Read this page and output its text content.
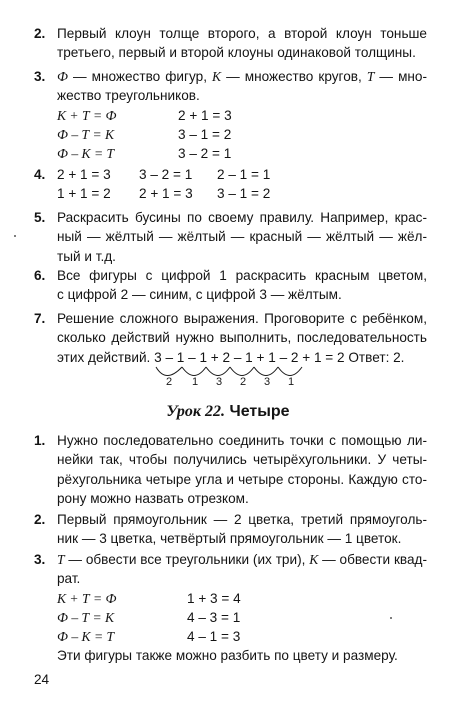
2. Первый клоун толще второго, а второй клоун тоньше
третьего, первый и второй клоуны одинаковой толщины.
3. Ф — множество фигур, К — множество кругов, Т — мно-
жество треугольников.
К + Т = Ф	2 + 1 = 3
Ф – Т = К	3 – 1 = 2
Ф – К = Т	3 – 2 = 1
4. 2 + 1 = 3 3 – 2 = 1 2 – 1 = 1
1 + 1 = 2 2 + 1 = 3 3 – 1 = 2
5. Раскрасить бусины по своему правилу. Например, крас-
ный — жёлтый — жёлтый — красный — жёлтый — жёл-
тый и т.д.
6. Все фигуры с цифрой 1 раскрасить красным цветом,
с цифрой 2 — синим, с цифрой 3 — жёлтым.
7. Решение сложного выражения. Проговорите с ребёнком,
сколько действий нужно выполнить, последовательность
этих действий. 3 – 1 – 1 + 2 – 1 + 1 – 2 + 1 = 2 Ответ: 2.
2 1 3 2 3 1
Урок 22. Четыре
1. Нужно последовательно соединить точки с помощью ли-
нейки так, чтобы получились четырёхугольники. У четы-
рёхугольника четыре угла и четыре стороны. Каждую сто-
рону можно назвать отрезком.
2. Первый прямоугольник — 2 цветка, третий прямоуголь-
ник — 3 цветка, четвёртый прямоугольник — 1 цветок.
3. Т — обвести все треугольники (их три), К — обвести квад-
рат.
К + Т = Ф	1 + 3 = 4
Ф – Т = К	4 – 3 = 1
Ф – К = Т	4 – 1 = 3
Эти фигуры также можно разбить по цвету и размеру.
24
